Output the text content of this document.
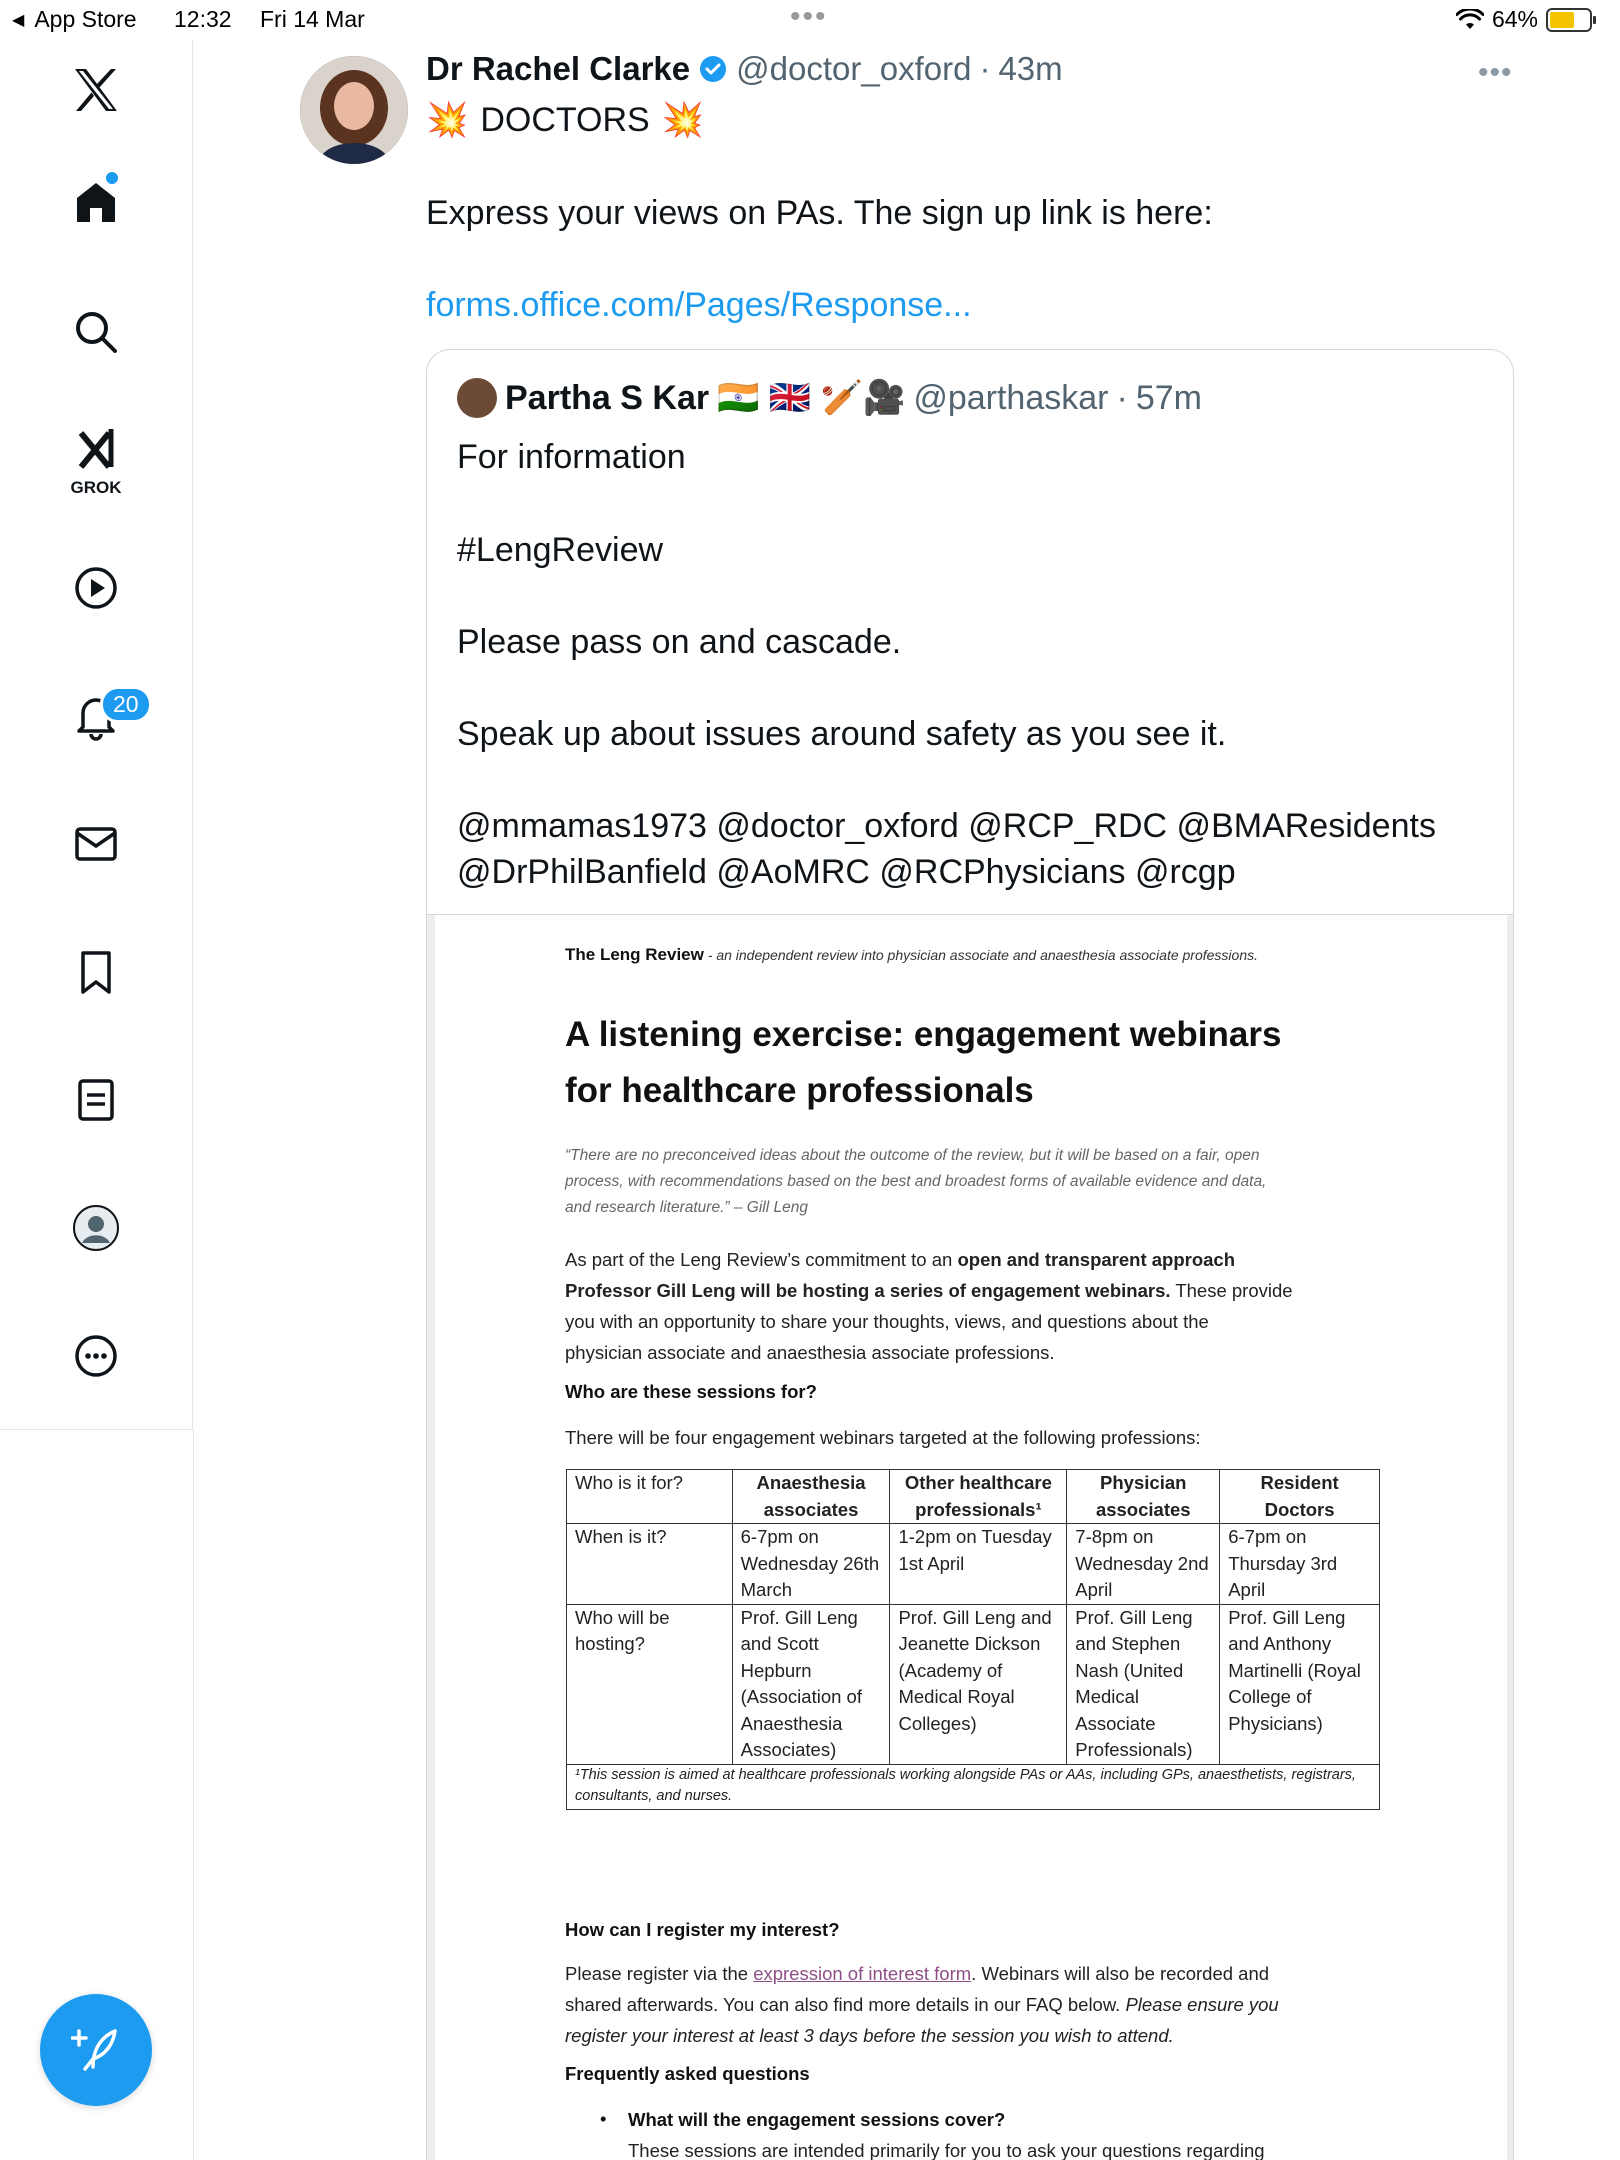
◀ App Store 12:32 Fri 14 Mar	•••	64%
GROK
20
Dr Rachel Clarke @doctor_oxford · 43m	•••
💥 DOCTORS 💥
Express your views on PAs. The sign up link is here:
forms.office.com/Pages/Response...
Partha S Kar 🇮🇳 🇬🇧 🏏🎥 @parthaskar · 57m
For information
#LengReview
Please pass on and cascade.
Speak up about issues around safety as you see it.
@mmamas1973 @doctor_oxford @RCP_RDC @BMAResidents
@DrPhilBanfield @AoMRC @RCPhysicians @rcgp
The Leng Review - an independent review into physician associate and anaesthesia associate professions.
A listening exercise: engagement webinars
for healthcare professionals
“There are no preconceived ideas about the outcome of the review, but it will be based on a fair, open
process, with recommendations based on the best and broadest forms of available evidence and data,
and research literature.” – Gill Leng
As part of the Leng Review’s commitment to an open and transparent approach
Professor Gill Leng will be hosting a series of engagement webinars. These provide
you with an opportunity to share your thoughts, views, and questions about the
physician associate and anaesthesia associate professions.
Who are these sessions for?
There will be four engagement webinars targeted at the following professions:
Who is it for?	Anaesthesia associates	Other healthcare professionals¹	Physician associates	Resident Doctors
When is it?	6-7pm on Wednesday 26th March	1-2pm on Tuesday 1st April	7-8pm on Wednesday 2nd April	6-7pm on Thursday 3rd April
Who will be hosting?	Prof. Gill Leng and Scott Hepburn (Association of Anaesthesia Associates)	Prof. Gill Leng and Jeanette Dickson (Academy of Medical Royal Colleges)	Prof. Gill Leng and Stephen Nash (United Medical Associate Professionals)	Prof. Gill Leng and Anthony Martinelli (Royal College of Physicians)
¹This session is aimed at healthcare professionals working alongside PAs or AAs, including GPs, anaesthetists, registrars, consultants, and nurses.				
How can I register my interest?
Please register via the expression of interest form. Webinars will also be recorded and
shared afterwards. You can also find more details in our FAQ below. Please ensure you
register your interest at least 3 days before the session you wish to attend.
Frequently asked questions
• What will the engagement sessions cover?
These sessions are intended primarily for you to ask your questions regarding
